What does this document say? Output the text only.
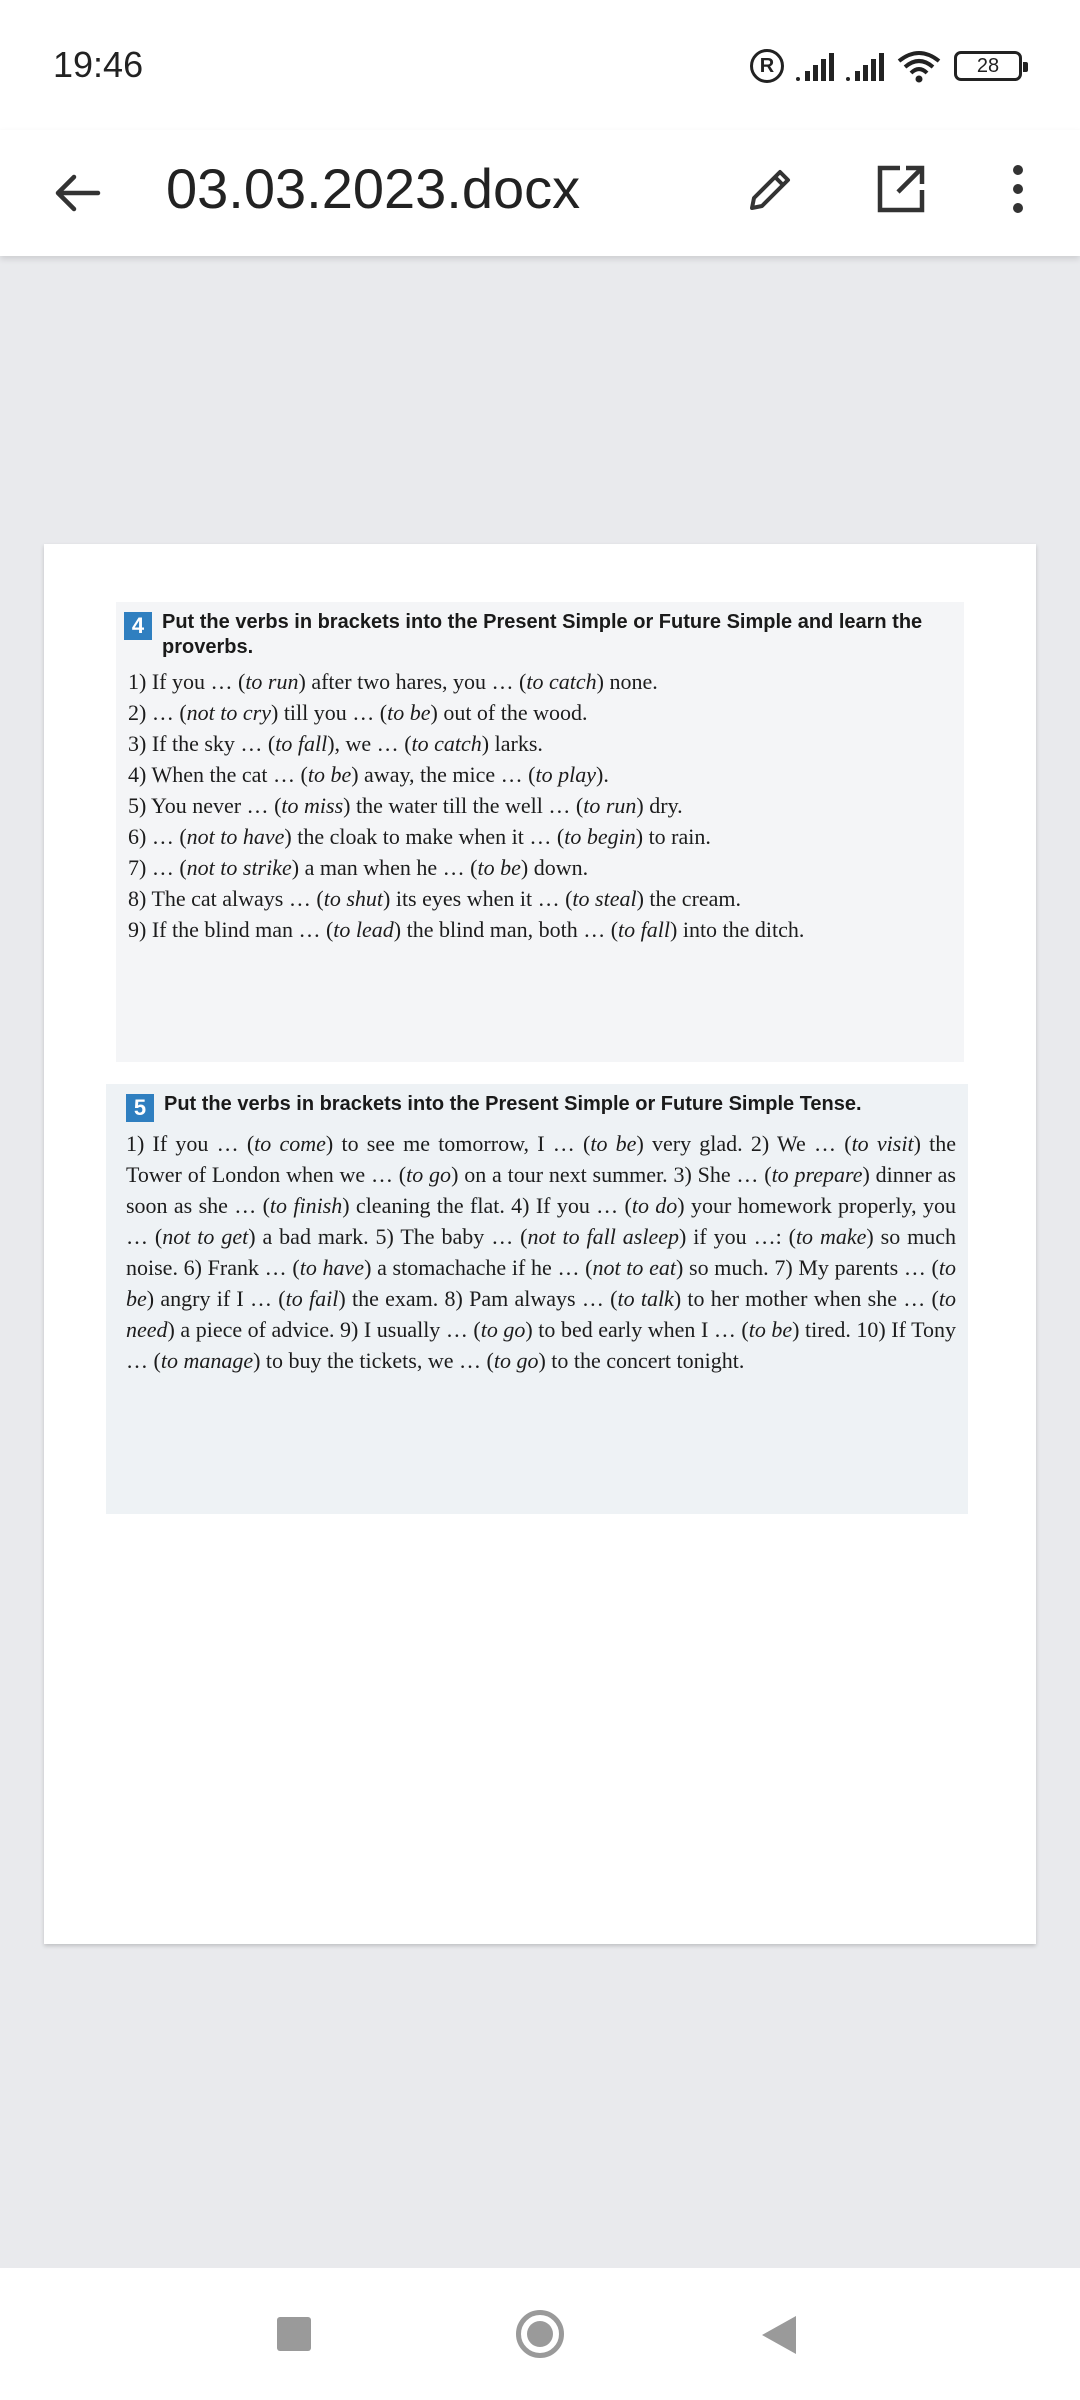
19:46	R	28
03.03.2023.docx
4 Put the verbs in brackets into the Present Simple or Future Simple and learn the proverbs.
1) If you … (to run) after two hares, you … (to catch) none.
2) … (not to cry) till you … (to be) out of the wood.
3) If the sky … (to fall), we … (to catch) larks.
4) When the cat … (to be) away, the mice … (to play).
5) You never … (to miss) the water till the well … (to run) dry.
6) … (not to have) the cloak to make when it … (to begin) to rain.
7) … (not to strike) a man when he … (to be) down.
8) The cat always … (to shut) its eyes when it … (to steal) the cream.
9) If the blind man … (to lead) the blind man, both … (to fall) into the ditch.
5 Put the verbs in brackets into the Present Simple or Future Simple Tense.
1) If you … (to come) to see me tomorrow, I … (to be) very glad. 2) We … (to visit) the Tower of London when we … (to go) on a tour next summer. 3) She … (to prepare) dinner as soon as she … (to finish) cleaning the flat. 4) If you … (to do) your homework properly, you … (not to get) a bad mark. 5) The baby … (not to fall asleep) if you …: (to make) so much noise. 6) Frank … (to have) a stomachache if he … (not to eat) so much. 7) My parents … (to be) angry if I … (to fail) the exam. 8) Pam always … (to talk) to her mother when she … (to need) a piece of advice. 9) I usually … (to go) to bed early when I … (to be) tired. 10) If Tony … (to manage) to buy the tickets, we … (to go) to the concert tonight.
